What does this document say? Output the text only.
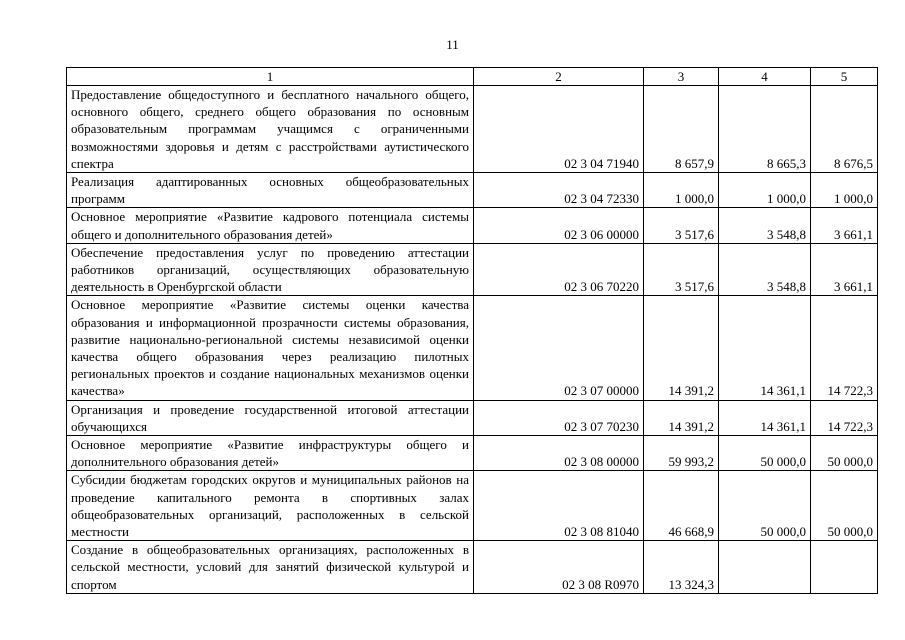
11
1	2	3	4	5
Предоставление общедоступного и бесплатного начального общего, основного общего, среднего общего образования по основным образовательным программам учащимся с ограниченными возможностями здоровья и детям с расстройствами аутистического спектра	02 3 04 71940	8 657,9	8 665,3	8 676,5
Реализация адаптированных основных общеобразовательных программ	02 3 04 72330	1 000,0	1 000,0	1 000,0
Основное мероприятие «Развитие кадрового потенциала системы общего и дополнительного образования детей»	02 3 06 00000	3 517,6	3 548,8	3 661,1
Обеспечение предоставления услуг по проведению аттестации работников организаций, осуществляющих образовательную деятельность в Оренбургской области	02 3 06 70220	3 517,6	3 548,8	3 661,1
Основное мероприятие «Развитие системы оценки качества образования и информационной прозрачности системы образования, развитие национально-региональной системы независимой оценки качества общего образования через реализацию пилотных региональных проектов и создание национальных механизмов оценки качества»	02 3 07 00000	14 391,2	14 361,1	14 722,3
Организация и проведение государственной итоговой аттестации обучающихся	02 3 07 70230	14 391,2	14 361,1	14 722,3
Основное мероприятие «Развитие инфраструктуры общего и дополнительного образования детей»	02 3 08 00000	59 993,2	50 000,0	50 000,0
Субсидии бюджетам городских округов и муниципальных районов на проведение капитального ремонта в спортивных залах общеобразовательных организаций, расположенных в сельской местности	02 3 08 81040	46 668,9	50 000,0	50 000,0
Создание в общеобразовательных организациях, расположенных в сельской местности, условий для занятий физической культурой и спортом	02 3 08 R0970	13 324,3		
